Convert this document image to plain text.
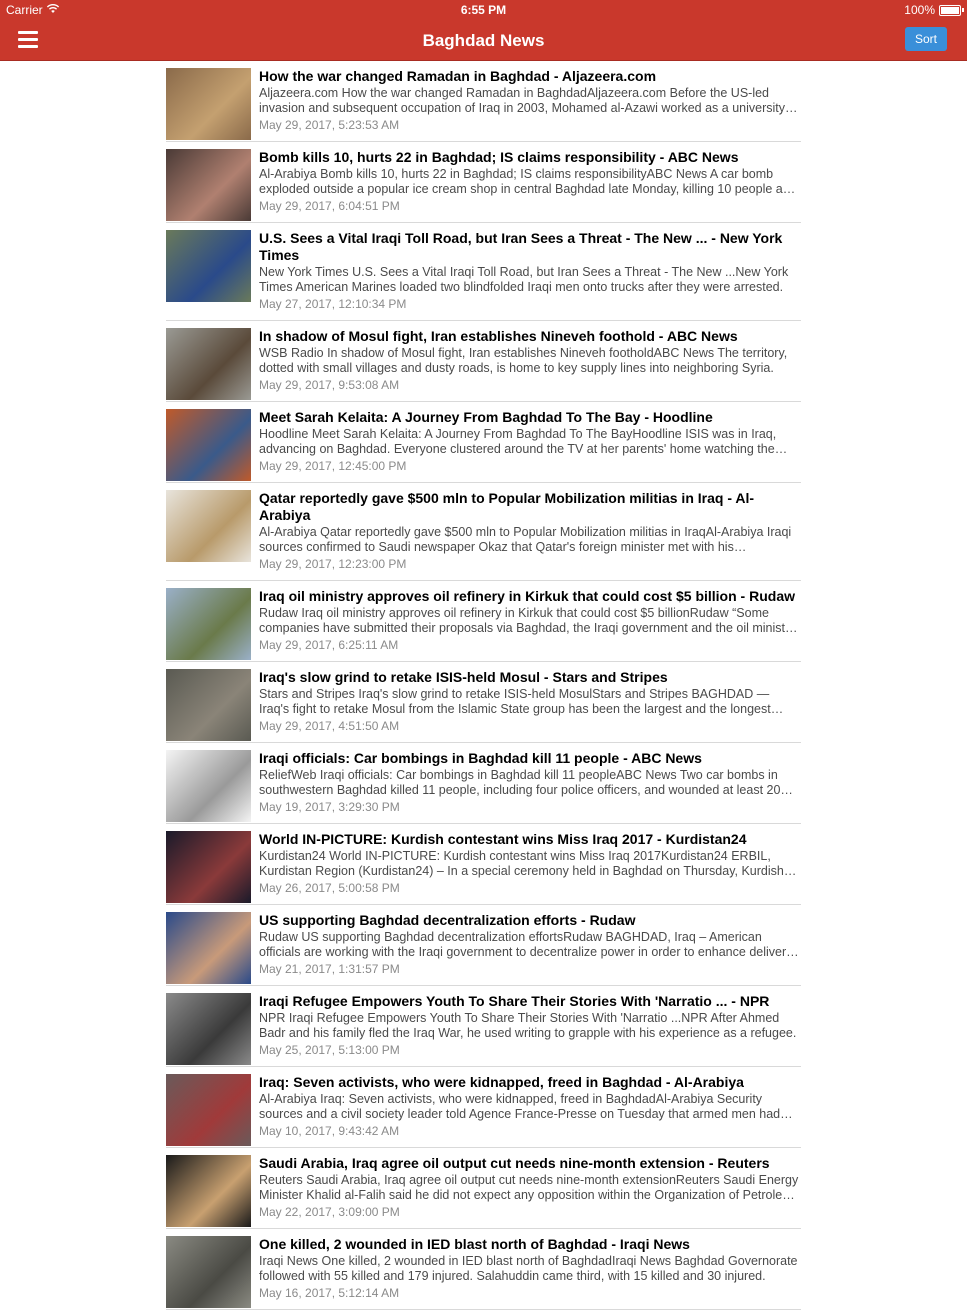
Carrier	6:55 PM	100%
Baghdad News	Sort
How the war changed Ramadan in Baghdad - Aljazeera.com
Aljazeera.com How the war changed Ramadan in BaghdadAljazeera.com Before the US-led invasion and subsequent occupation of Iraq in 2003, Mohamed al-Azawi worked as a university
May 29, 2017, 5:23:53 AM
Bomb kills 10, hurts 22 in Baghdad; IS claims responsibility - ABC News
Al-Arabiya Bomb kills 10, hurts 22 in Baghdad; IS claims responsibilityABC News A car bomb exploded outside a popular ice cream shop in central Baghdad late Monday, killing 10 people and
May 29, 2017, 6:04:51 PM
U.S. Sees a Vital Iraqi Toll Road, but Iran Sees a Threat - The New ... - New York Times
New York Times U.S. Sees a Vital Iraqi Toll Road, but Iran Sees a Threat - The New ...New York Times American Marines loaded two blindfolded Iraqi men onto trucks after they were arrested.
May 27, 2017, 12:10:34 PM
In shadow of Mosul fight, Iran establishes Nineveh foothold - ABC News
WSB Radio In shadow of Mosul fight, Iran establishes Nineveh footholdABC News The territory, dotted with small villages and dusty roads, is home to key supply lines into neighboring Syria.
May 29, 2017, 9:53:08 AM
Meet Sarah Kelaita: A Journey From Baghdad To The Bay - Hoodline
Hoodline Meet Sarah Kelaita: A Journey From Baghdad To The BayHoodline ISIS was in Iraq, advancing on Baghdad. Everyone clustered around the TV at her parents' home watching the
May 29, 2017, 12:45:00 PM
Qatar reportedly gave $500 mln to Popular Mobilization militias in Iraq - Al-Arabiya
Al-Arabiya Qatar reportedly gave $500 mln to Popular Mobilization militias in IraqAl-Arabiya Iraqi sources confirmed to Saudi newspaper Okaz that Qatar's foreign minister met with his
May 29, 2017, 12:23:00 PM
Iraq oil ministry approves oil refinery in Kirkuk that could cost $5 billion - Rudaw
Rudaw Iraq oil ministry approves oil refinery in Kirkuk that could cost $5 billionRudaw “Some companies have submitted their proposals via Baghdad, the Iraqi government and the oil ministry
May 29, 2017, 6:25:11 AM
Iraq's slow grind to retake ISIS-held Mosul - Stars and Stripes
Stars and Stripes Iraq's slow grind to retake ISIS-held MosulStars and Stripes BAGHDAD — Iraq's fight to retake Mosul from the Islamic State group has been the largest and the longest
May 29, 2017, 4:51:50 AM
Iraqi officials: Car bombings in Baghdad kill 11 people - ABC News
ReliefWeb Iraqi officials: Car bombings in Baghdad kill 11 peopleABC News Two car bombs in southwestern Baghdad killed 11 people, including four police officers, and wounded at least 20
May 19, 2017, 3:29:30 PM
World IN-PICTURE: Kurdish contestant wins Miss Iraq 2017 - Kurdistan24
Kurdistan24 World IN-PICTURE: Kurdish contestant wins Miss Iraq 2017Kurdistan24 ERBIL, Kurdistan Region (Kurdistan24) – In a special ceremony held in Baghdad on Thursday, Kurdish
May 26, 2017, 5:00:58 PM
US supporting Baghdad decentralization efforts - Rudaw
Rudaw US supporting Baghdad decentralization effortsRudaw BAGHDAD, Iraq – American officials are working with the Iraqi government to decentralize power in order to enhance delivery
May 21, 2017, 1:31:57 PM
Iraqi Refugee Empowers Youth To Share Their Stories With 'Narratio ... - NPR
NPR Iraqi Refugee Empowers Youth To Share Their Stories With 'Narratio ...NPR After Ahmed Badr and his family fled the Iraq War, he used writing to grapple with his experience as a refugee.
May 25, 2017, 5:13:00 PM
Iraq: Seven activists, who were kidnapped, freed in Baghdad - Al-Arabiya
Al-Arabiya Iraq: Seven activists, who were kidnapped, freed in BaghdadAl-Arabiya Security sources and a civil society leader told Agence France-Presse on Tuesday that armed men had
May 10, 2017, 9:43:42 AM
Saudi Arabia, Iraq agree oil output cut needs nine-month extension - Reuters
Reuters Saudi Arabia, Iraq agree oil output cut needs nine-month extensionReuters Saudi Energy Minister Khalid al-Falih said he did not expect any opposition within the Organization of Petroleum
May 22, 2017, 3:09:00 PM
One killed, 2 wounded in IED blast north of Baghdad - Iraqi News
Iraqi News One killed, 2 wounded in IED blast north of BaghdadIraqi News Baghdad Governorate followed with 55 killed and 179 injured. Salahuddin came third, with 15 killed and 30 injured.
May 16, 2017, 5:12:14 AM
